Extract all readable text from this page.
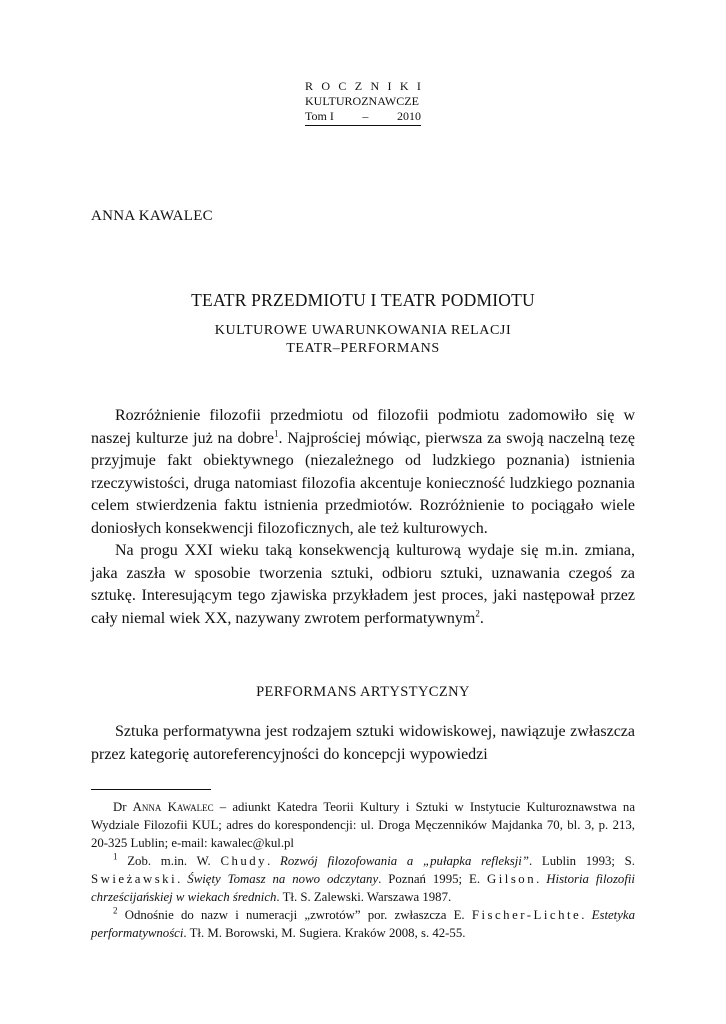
R O C Z N I K I
KULTUROZNAWCZE
Tom I – 2010
ANNA KAWALEC
TEATR PRZEDMIOTU I TEATR PODMIOTU
KULTUROWE UWARUNKOWANIA RELACJI
TEATR–PERFORMANS

Rozróżnienie filozofii przedmiotu od filozofii podmiotu zadomowiło się w naszej kulturze już na dobre$^1$. Najprościej mówiąc, pierwsza za swoją naczelną tezę przyjmuje fakt obiektywnego (niezależnego od ludzkiego poznania) istnienia rzeczywistości, druga natomiast filozofia akcentuje konieczność ludzkiego poznania celem stwierdzenia faktu istnienia przedmiotów. Rozróżnienie to pociągało wiele doniosłych konsekwencji filozoficznych, ale też kulturowych.

Na progu XXI wieku taką konsekwencją kulturową wydaje się m.in. zmiana, jaka zaszła w sposobie tworzenia sztuki, odbioru sztuki, uznawania czegoś za sztukę. Interesującym tego zjawiska przykładem jest proces, jaki następował przez cały niemal wiek XX, nazywany zwrotem performatywnym$^2$.

PERFORMANS ARTYSTYCZNY

Sztuka performatywna jest rodzajem sztuki widowiskowej, nawiązuje zwłaszcza przez kategorię autoreferencyjności do koncepcji wypowiedzi

Dr Anna Kawalec – adiunkt Katedra Teorii Kultury i Sztuki w Instytucie Kulturoznawstwa na Wydziale Filozofii KUL; adres do korespondencji: ul. Droga Męczenników Majdanka 70, bl. 3, p. 213, 20-325 Lublin; e-mail: kawalec@kul.pl

$^1$ Zob. m.in. W. Chudy. Rozwój filozofowania a „pułapka refleksji”. Lublin 1993; S. Swieżawski. Święty Tomasz na nowo odczytany. Poznań 1995; E. Gilson. Historia filozofii chrześcijańskiej w wiekach średnich. Tł. S. Zalewski. Warszawa 1987.

$^2$ Odnośnie do nazw i numeracji „zwrotów” por. zwłaszcza E. Fischer-Lichte. Estetyka performatywności. Tł. M. Borowski, M. Sugiera. Kraków 2008, s. 42-55.
